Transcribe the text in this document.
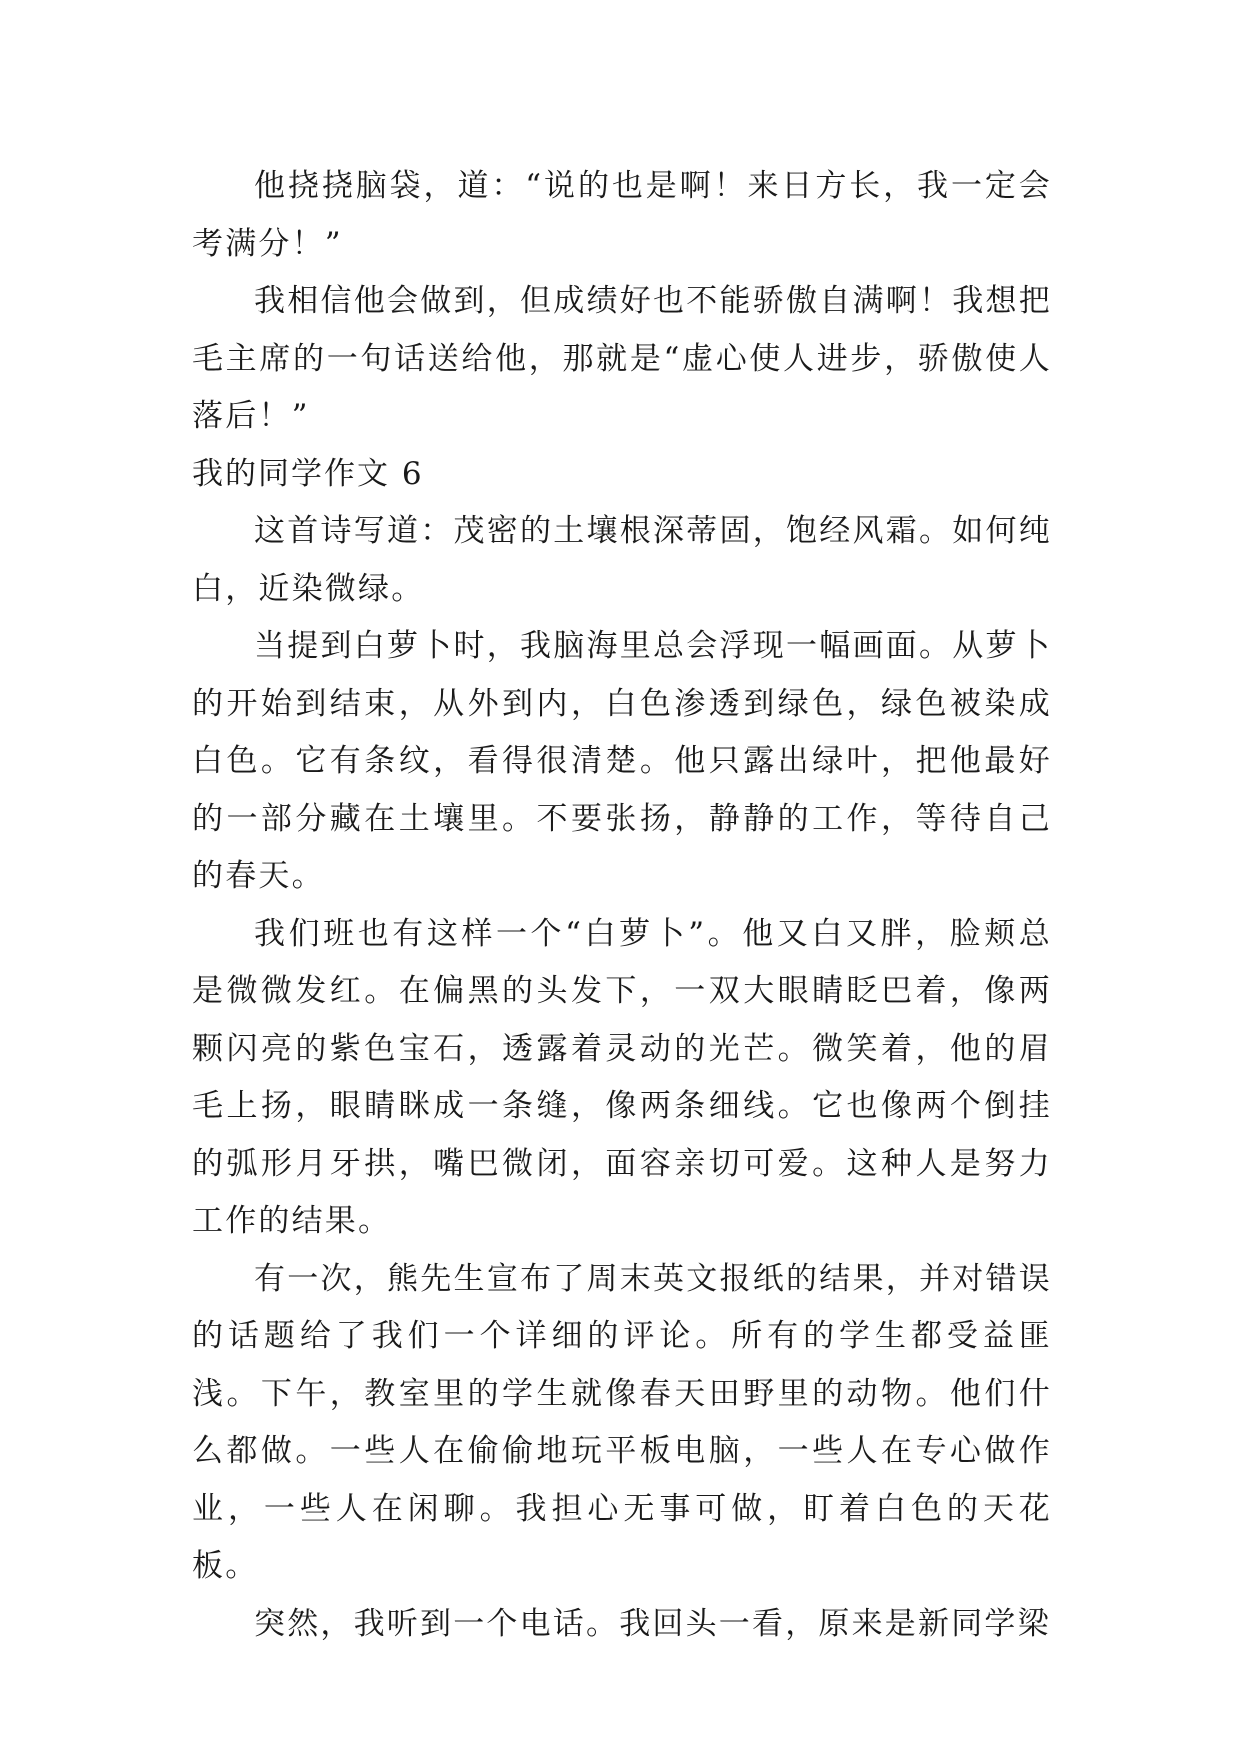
他挠挠脑袋，道：“说的也是啊！来日方长，我一定会考满分！”

我相信他会做到，但成绩好也不能骄傲自满啊！我想把毛主席的一句话送给他，那就是“虚心使人进步，骄傲使人落后！”

我的同学作文 6

这首诗写道：茂密的土壤根深蒂固，饱经风霜。如何纯白，近染微绿。

当提到白萝卜时，我脑海里总会浮现一幅画面。从萝卜的开始到结束，从外到内，白色渗透到绿色，绿色被染成白色。它有条纹，看得很清楚。他只露出绿叶，把他最好的一部分藏在土壤里。不要张扬，静静的工作，等待自己的春天。

我们班也有这样一个“白萝卜”。他又白又胖，脸颊总是微微发红。在偏黑的头发下，一双大眼睛眨巴着，像两颗闪亮的紫色宝石，透露着灵动的光芒。微笑着，他的眉毛上扬，眼睛眯成一条缝，像两条细线。它也像两个倒挂的弧形月牙拱，嘴巴微闭，面容亲切可爱。这种人是努力工作的结果。

有一次，熊先生宣布了周末英文报纸的结果，并对错误的话题给了我们一个详细的评论。所有的学生都受益匪浅。下午，教室里的学生就像春天田野里的动物。他们什么都做。一些人在偷偷地玩平板电脑，一些人在专心做作业，一些人在闲聊。我担心无事可做，盯着白色的天花板。

突然，我听到一个电话。我回头一看，原来是新同学梁
